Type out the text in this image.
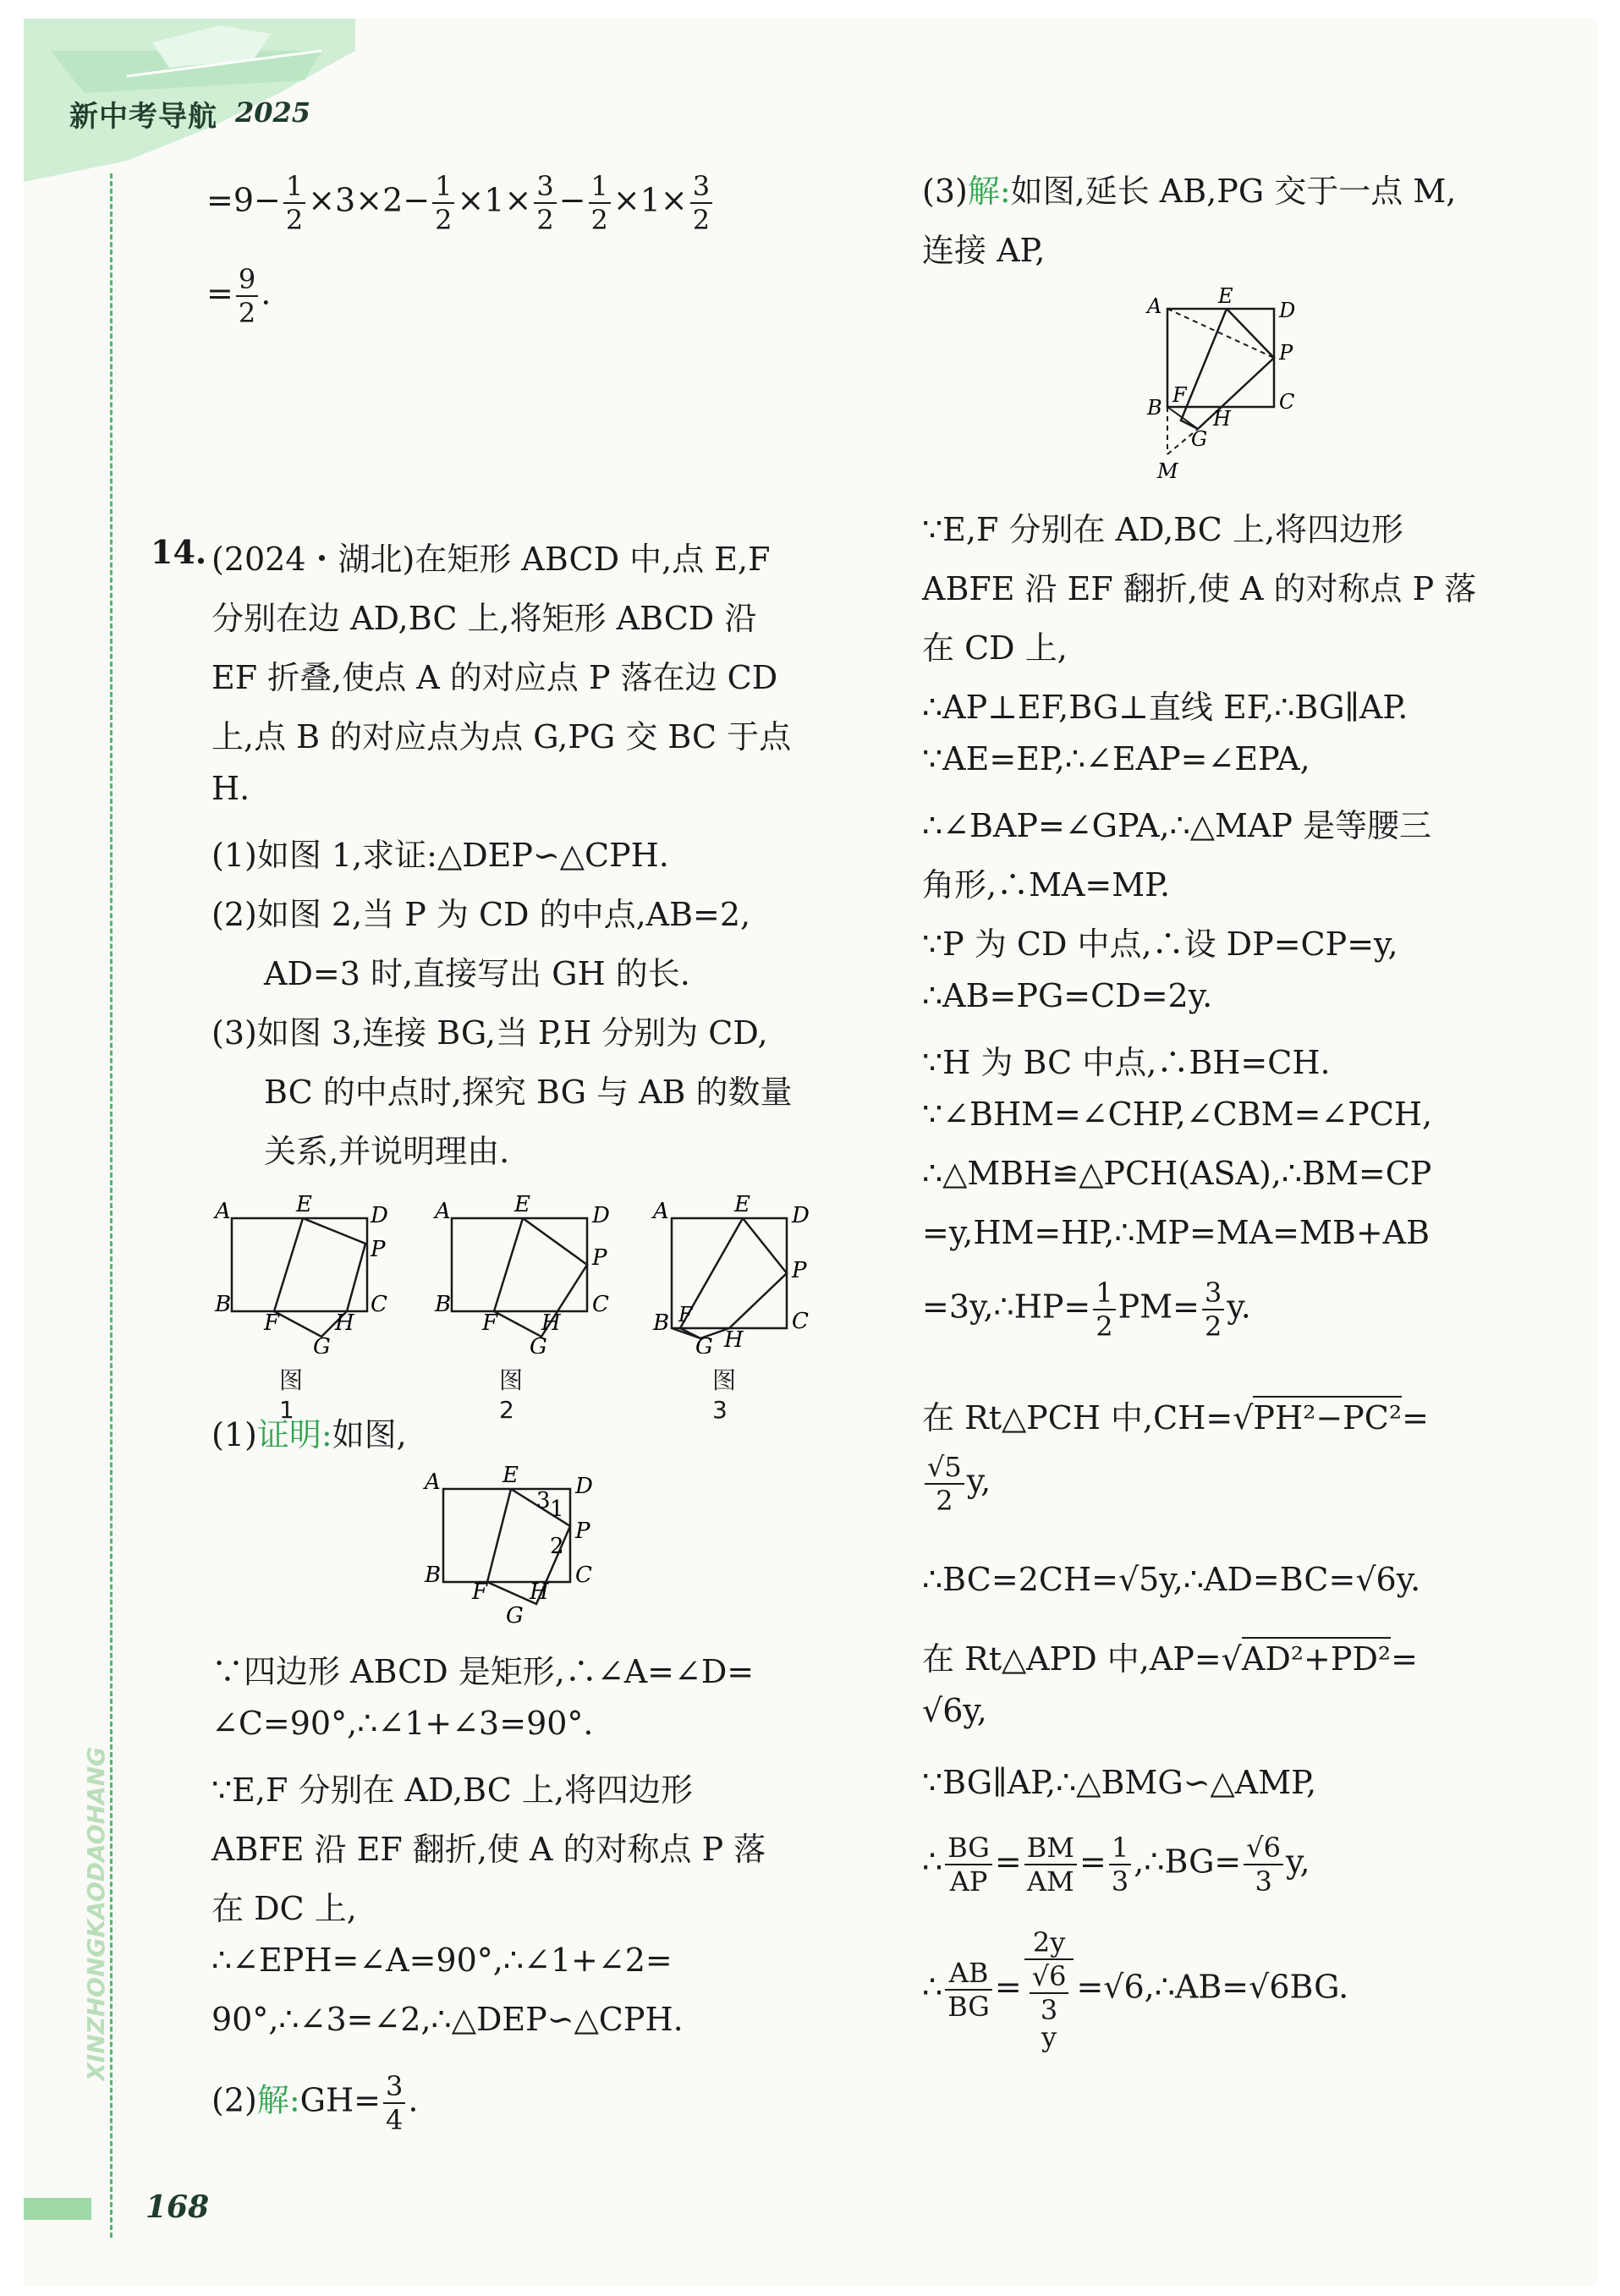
新中考导航 2025
XINZHONGKAODAOHANG
168
$=9- \frac{1}{2} \times 3\times 2- \frac{1}{2} \times 1\times \frac{3}{2} - \frac{1}{2} \times 1\times \frac{3}{2}$
= $\frac{9}{2}$ .
14. (2024・湖北)在矩形 ABCD 中,点 E,F
分别在边 AD,BC 上,将矩形 ABCD 沿
EF 折叠,使点 A 的对应点 P 落在边 CD
上,点 B 的对应点为点 G,PG 交 BC 于点
H.
(1)如图 1,求证:△DEP∽△CPH.
(2)如图 2,当 P 为 CD 的中点,AB=2,
AD=3 时,直接写出 GH 的长.
(3)如图 3,连接 BG,当 P,H 分别为 CD,
BC 的中点时,探究 BG 与 AB 的数量
关系,并说明理由.
A	E	D
P
B
F	H
C
G
A	E	D
P
B
F H
C
G
A	E D
P
B F
H
C
G
图1
图2
图3
(1)证明:如图,
A	E	D
P
B
F H
C
G
3 1
2
∵四边形 ABCD 是矩形,∴∠A=∠D=
∠C=90°,∴∠1+∠3=90°.
∵E,F 分别在 AD,BC 上,将四边形
ABFE 沿 EF 翻折,使 A 的对称点 P 落
在 DC 上,
∴∠EPH=∠A=90°,∴∠1+∠2=
90°,∴∠3=∠2,∴△DEP∽△CPH.
(2)解:GH= $\frac{3}{4}$ .
(3)解:如图,延长 AB,PG 交于一点 M,
连接 AP,
A	E
D
P
B
F
H
C
G
M
∵E,F 分别在 AD,BC 上,将四边形
ABFE 沿 EF 翻折,使 A 的对称点 P 落
在 CD 上,
∴AP⊥EF,BG⊥直线 EF,∴BG∥AP.
∵AE=EP,∴∠EAP=∠EPA,
∴∠BAP=∠GPA,∴△MAP 是等腰三
角形,∴MA=MP.
∵P 为 CD 中点,∴设 DP=CP=y,
∴AB=PG=CD=2y.
∵H 为 BC 中点,∴BH=CH.
∵∠BHM=∠CHP,∠CBM=∠PCH,
∴△MBH≌△PCH(ASA),∴BM=CP
=y,HM=HP,∴MP=MA=MB+AB
=3y,∴HP= $\frac{1}{2} PM= \frac{3}{2} y$.
在 Rt△PCH 中,CH=√PH²−PC²=
$\frac{√5}{2} y$,
∴BC=2CH=√5y,∴AD=BC=√6y.
在 Rt△APD 中,AP=√AD²+PD²=
√6y,
∵BG∥AP,∴△BMG∽△AMP,
∴ $\frac{BG}{AP} = \frac{BM}{AM} = \frac{1}{3}$ ,∴BG= $\frac{√6}{3} y$,
∴ $\frac{AB}{BG} = 2y$
√6
3
y =√6,∴AB=√6BG.
